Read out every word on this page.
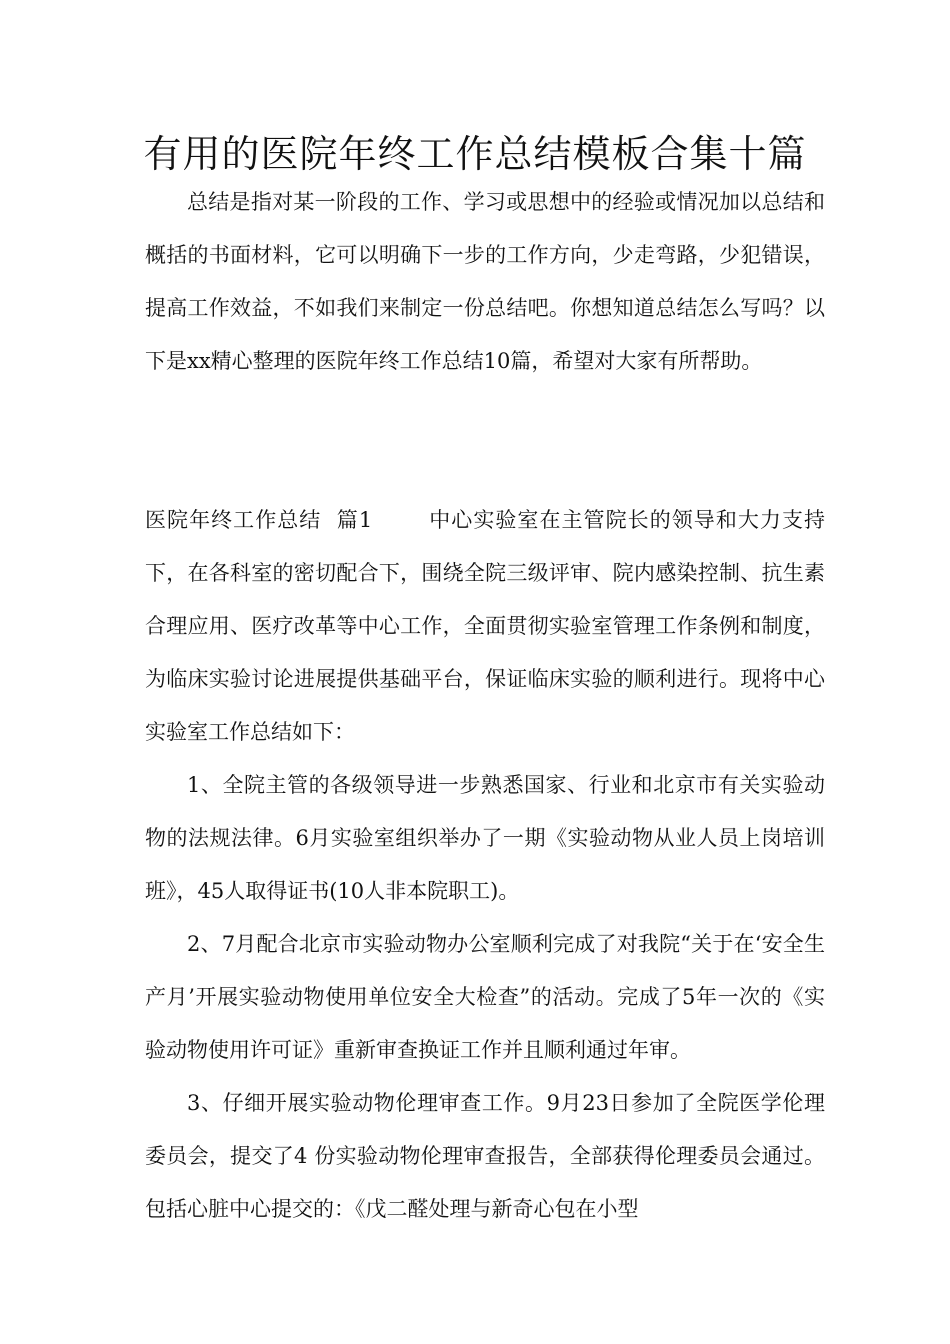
有用的医院年终工作总结模板合集十篇

总结是指对某一阶段的工作、学习或思想中的经验或情况加以总结和概括的书面材料，它可以明确下一步的工作方向，少走弯路，少犯错误，提高工作效益，不如我们来制定一份总结吧。你想知道总结怎么写吗？以下是xx精心整理的医院年终工作总结10篇，希望对大家有所帮助。

医院年终工作总结  篇1	中心实验室在主管院长的领导和大力支持下，在各科室的密切配合下，围绕全院三级评审、院内感染控制、抗生素合理应用、医疗改革等中心工作，全面贯彻实验室管理工作条例和制度，为临床实验讨论进展提供基础平台，保证临床实验的顺利进行。现将中心实验室工作总结如下：

1、全院主管的各级领导进一步熟悉国家、行业和北京市有关实验动物的法规法律。6月实验室组织举办了一期《实验动物从业人员上岗培训班》，45人取得证书(10人非本院职工)。

2、7月配合北京市实验动物办公室顺利完成了对我院“关于在‘安全生产月’开展实验动物使用单位安全大检查”的活动。完成了5年一次的《实验动物使用许可证》重新审查换证工作并且顺利通过年审。

3、仔细开展实验动物伦理审查工作。9月23日参加了全院医学伦理委员会，提交了4 份实验动物伦理审查报告，全部获得伦理委员会通过。包括心脏中心提交的：《戊二醛处理与新奇心包在小型
